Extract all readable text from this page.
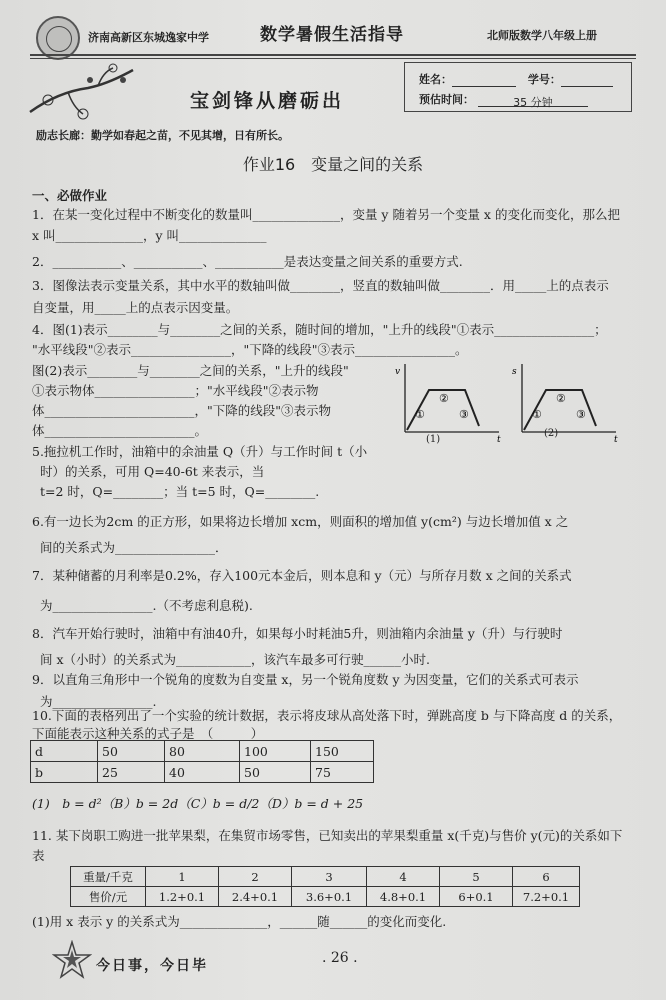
济南高新区东城逸家中学	数学暑假生活指导	北师版数学八年级上册
宝剑锋从磨砺出
姓名：	学号：
预估时间：	35 分钟
励志长廊：勤学如春起之苗，不见其增，日有所长。
作业16　变量之间的关系
一、必做作业
1．在某一变化过程中不断变化的数量叫______________，变量 y 随着另一个变量 x 的变化而变化，那么把
x 叫______________，y 叫______________
2．___________、___________、___________是表达变量之间关系的重要方式.
3．图像法表示变量关系，其中水平的数轴叫做________，竖直的数轴叫做________．用_____上的点表示
自变量，用_____上的点表示因变量。
4．图(1)表示________与________之间的关系，随时间的增加，"上升的线段"①表示________________；
"水平线段"②表示________________，"下降的线段"③表示________________。
图(2)表示________与________之间的关系，"上升的线段"
①表示物体________________；"水平线段"②表示物
体________________________，"下降的线段"③表示物
体________________________。
5.拖拉机工作时，油箱中的余油量 Q（升）与工作时间 t（小
时）的关系，可用 Q=40-6t 来表示，当
t=2 时，Q=________；当 t=5 时，Q=________.
6.有一边长为2cm 的正方形，如果将边长增加 xcm，则面积的增加值 y(cm²) 与边长增加值 x 之
间的关系式为________________．
7．某种储蓄的月利率是0.2%，存入100元本金后，则本息和 y（元）与所存月数 x 之间的关系式
为________________.（不考虑利息税).
8．汽车开始行驶时，油箱中有油40升，如果每小时耗油5升，则油箱内余油量 y（升）与行驶时
间 x（小时）的关系式为____________，该汽车最多可行驶______小时.
9．以直角三角形中一个锐角的度数为自变量 x，另一个锐角度数 y 为因变量，它们的关系式可表示
为________________.
10.下面的表格列出了一个实验的统计数据，表示将皮球从高处落下时，弹跳高度 b 与下降高度 d 的关系，
下面能表示这种关系的式子是　（　　　）
v
t
①
②
③
(1)
s
t
①
②
③
(2)
d	50	80	100	150
b	25	40	50	75
(1)　b = d²（B）b = 2d（C）b = d/2（D）b = d + 25
11. 某下岗职工购进一批苹果梨，在集贸市场零售，已知卖出的苹果梨重量 x(千克)与售价 y(元)的关系如下
表
重量/千克	1	2	3	4	5	6
售价/元	1.2+0.1	2.4+0.1	3.6+0.1	4.8+0.1	6+0.1	7.2+0.1
(1)用 x 表示 y 的关系式为______________，______随______的变化而变化.
今日事，今日毕	. 26 .
